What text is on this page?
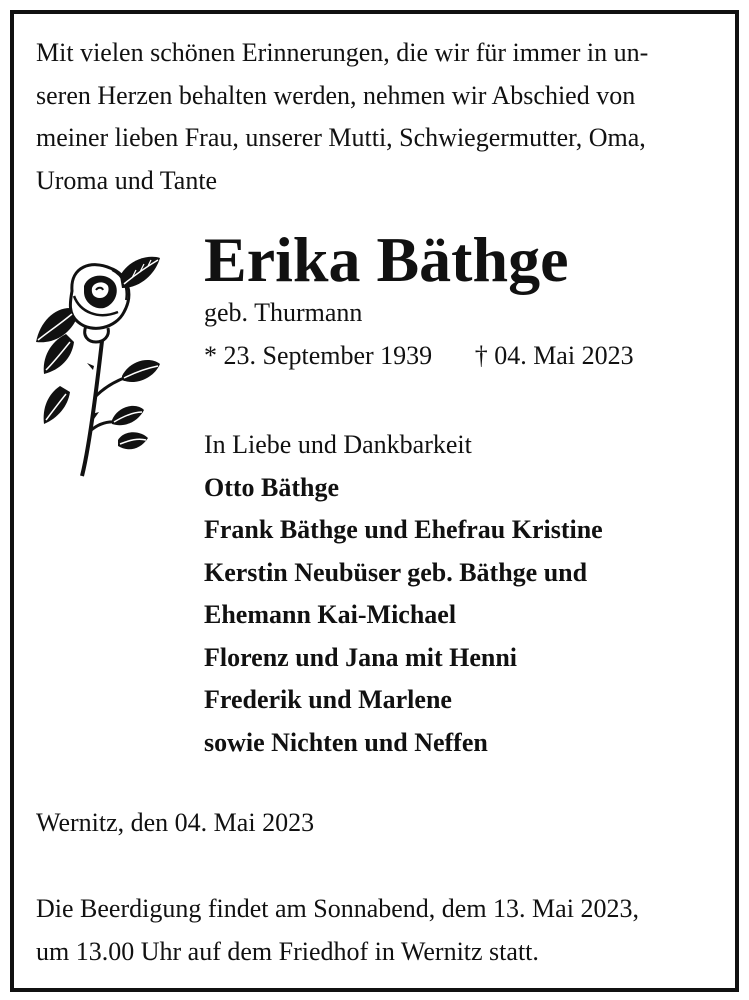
Mit vielen schönen Erinnerungen, die wir für immer in un-
seren Herzen behalten werden, nehmen wir Abschied von
meiner lieben Frau, unserer Mutti, Schwiegermutter, Oma,
Uroma und Tante

Erika Bäthge
geb. Thurmann
* 23. September 1939 † 04. Mai 2023

In Liebe und Dankbarkeit
Otto Bäthge
Frank Bäthge und Ehefrau Kristine
Kerstin Neubüser geb. Bäthge und
Ehemann Kai-Michael
Florenz und Jana mit Henni
Frederik und Marlene
sowie Nichten und Neffen

Wernitz, den 04. Mai 2023

Die Beerdigung findet am Sonnabend, dem 13. Mai 2023,
um 13.00 Uhr auf dem Friedhof in Wernitz statt.
